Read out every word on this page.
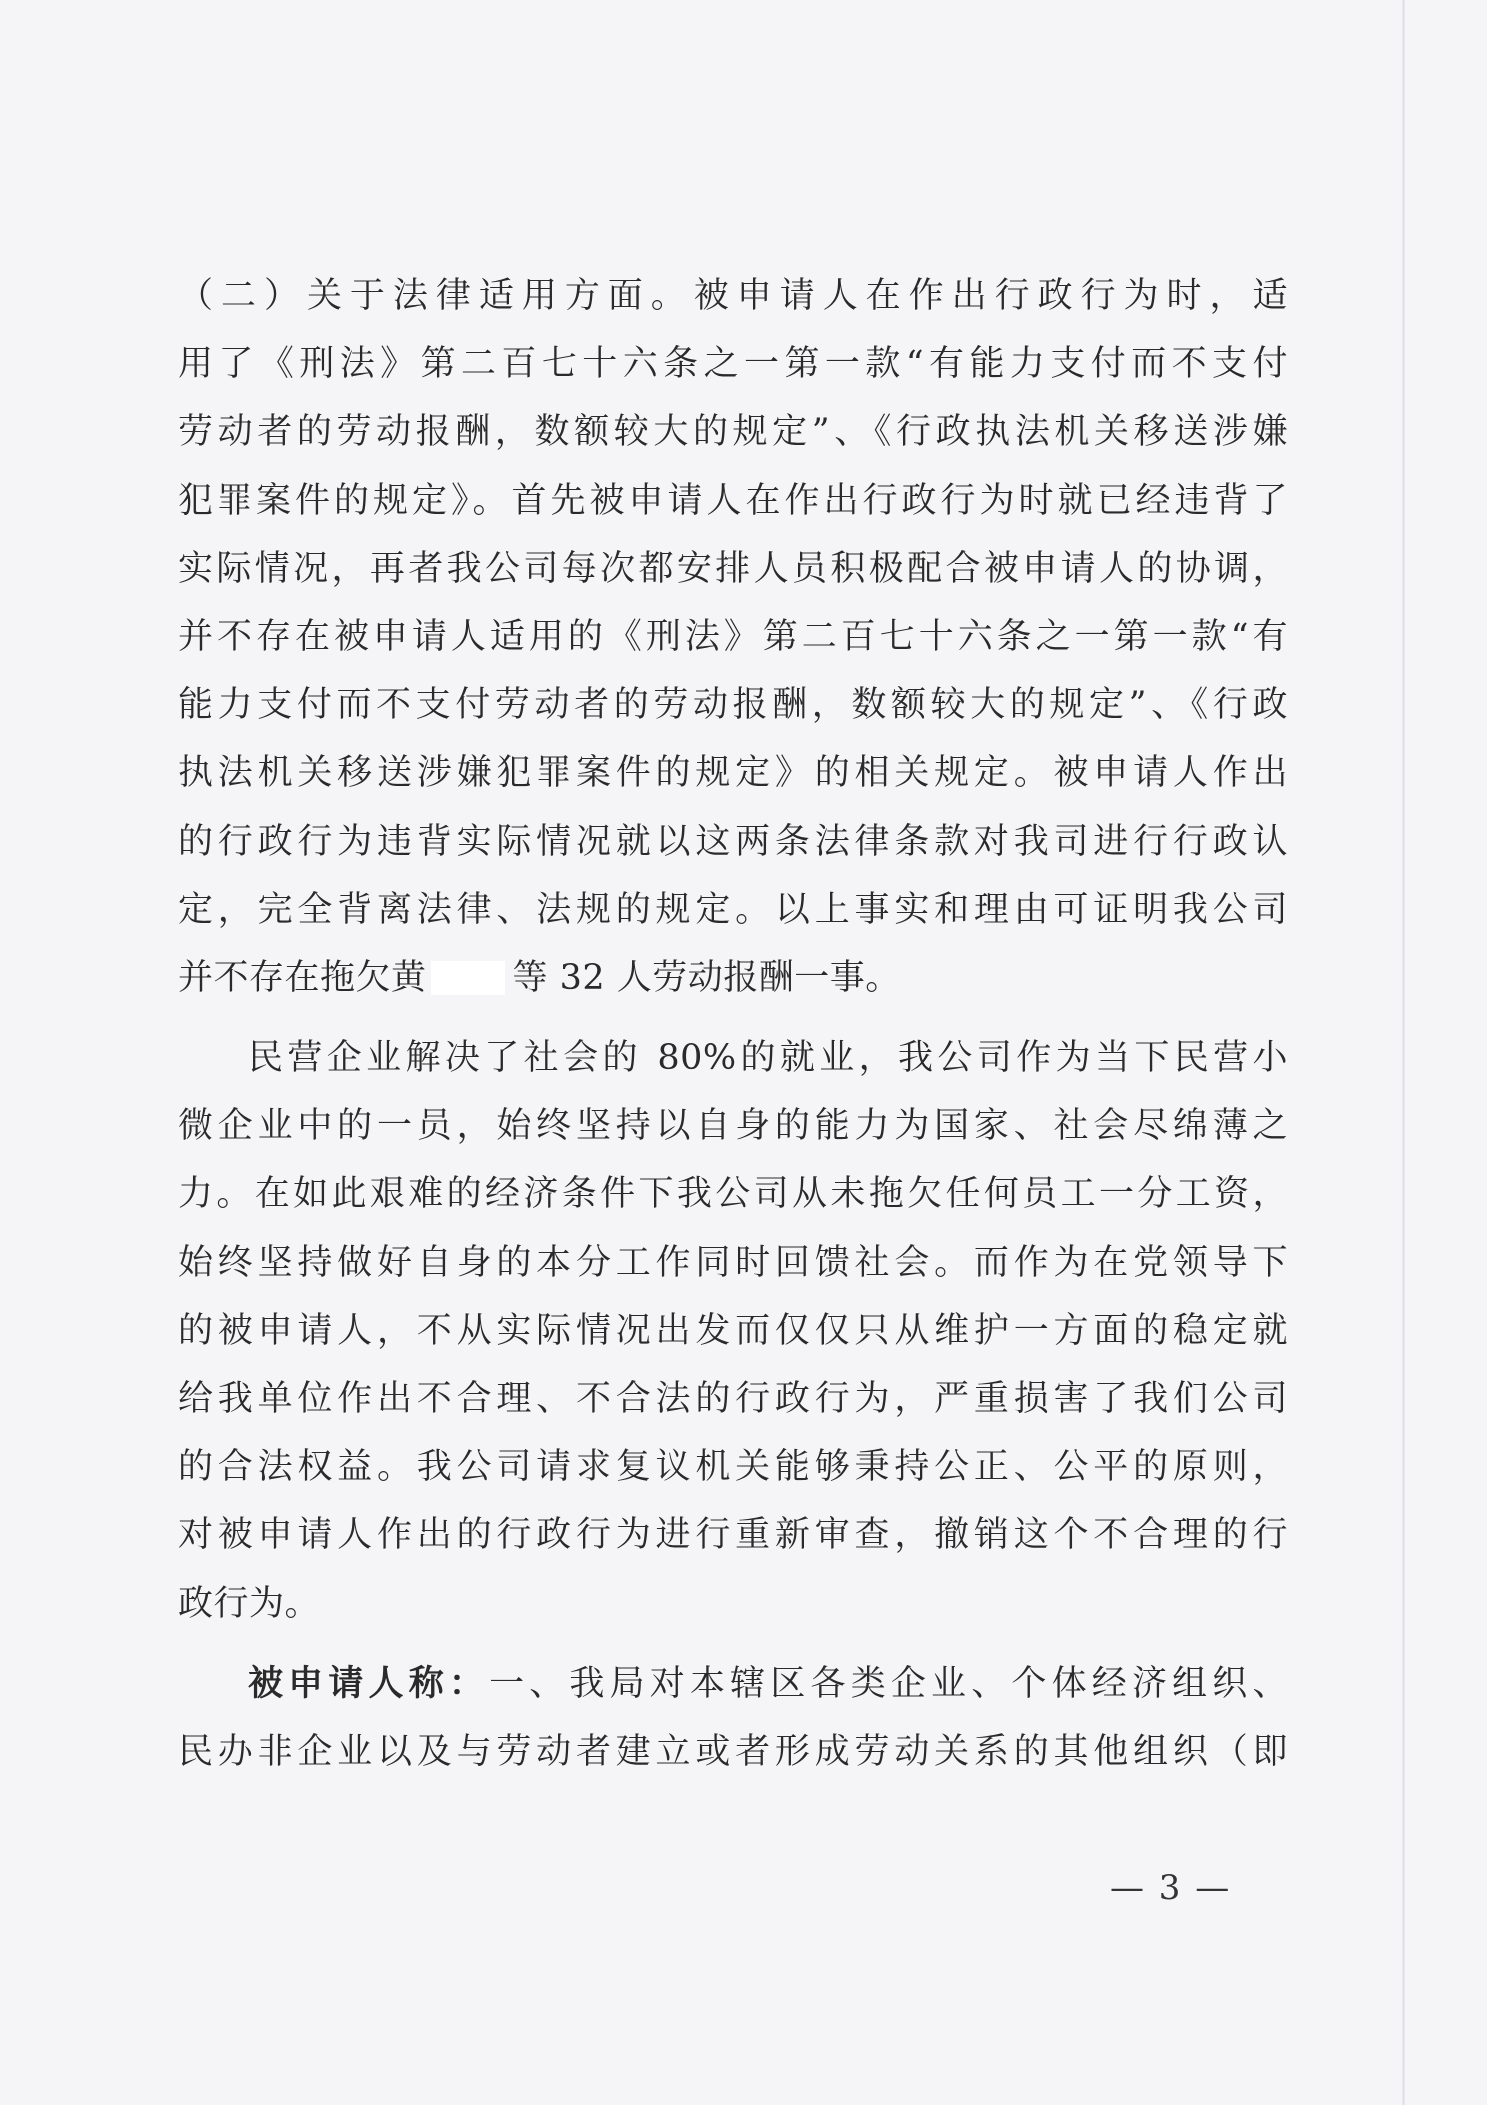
（二）关于法律适用方面。被申请人在作出行政行为时，适
用了《刑法》第二百七十六条之一第一款“有能力支付而不支付
劳动者的劳动报酬，数额较大的规定”、《行政执法机关移送涉嫌
犯罪案件的规定》。首先被申请人在作出行政行为时就已经违背了
实际情况，再者我公司每次都安排人员积极配合被申请人的协调，
并不存在被申请人适用的《刑法》第二百七十六条之一第一款“有
能力支付而不支付劳动者的劳动报酬，数额较大的规定”、《行政
执法机关移送涉嫌犯罪案件的规定》的相关规定。被申请人作出
的行政行为违背实际情况就以这两条法律条款对我司进行行政认
定，完全背离法律、法规的规定。以上事实和理由可证明我公司
并不存在拖欠黄 等 32 人劳动报酬一事。
民营企业解决了社会的 80%的就业，我公司作为当下民营小
微企业中的一员，始终坚持以自身的能力为国家、社会尽绵薄之
力。在如此艰难的经济条件下我公司从未拖欠任何员工一分工资，
始终坚持做好自身的本分工作同时回馈社会。而作为在党领导下
的被申请人，不从实际情况出发而仅仅只从维护一方面的稳定就
给我单位作出不合理、不合法的行政行为，严重损害了我们公司
的合法权益。我公司请求复议机关能够秉持公正、公平的原则，
对被申请人作出的行政行为进行重新审查，撤销这个不合理的行
政行为。
被申请人称：一、我局对本辖区各类企业、个体经济组织、
民办非企业以及与劳动者建立或者形成劳动关系的其他组织（即
— 3 —
